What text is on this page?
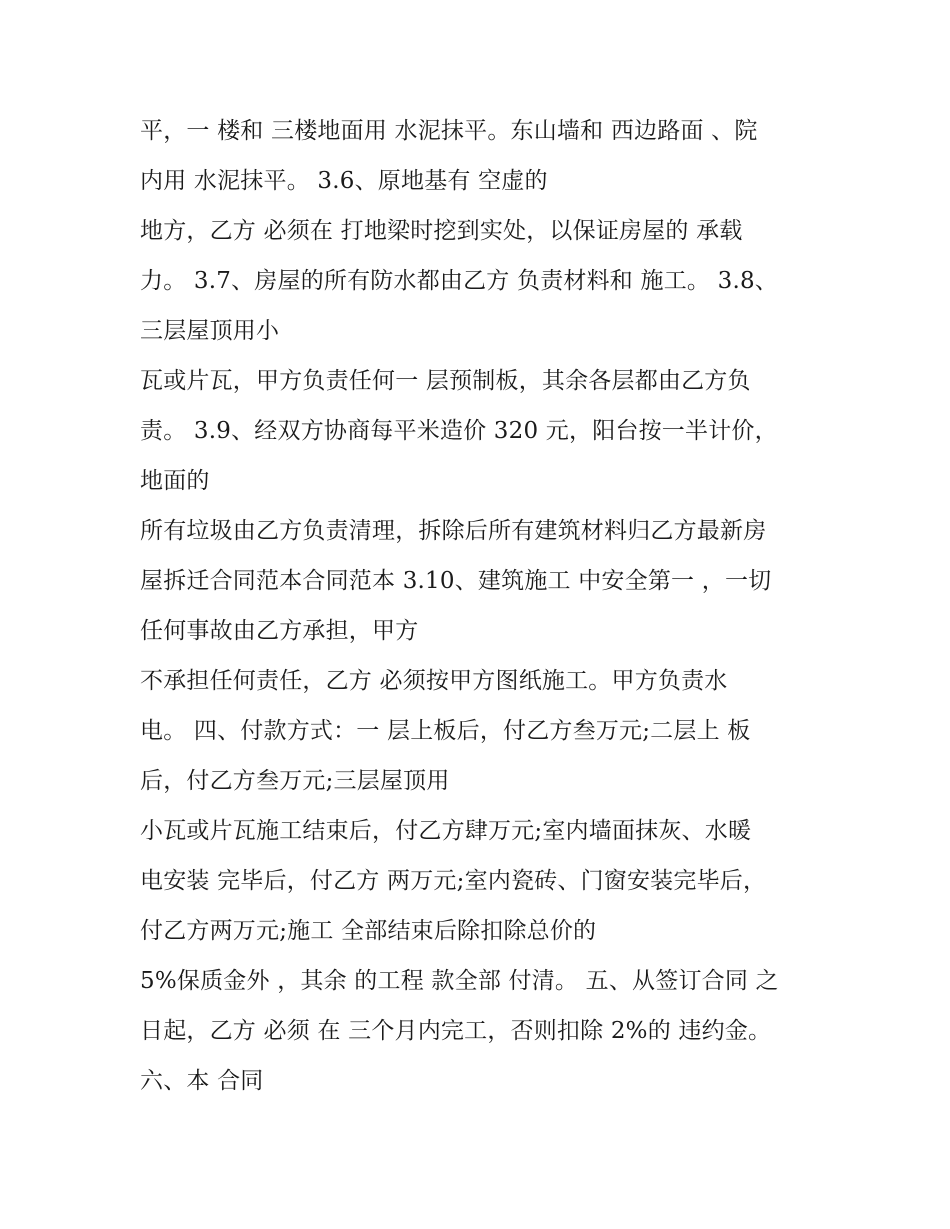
平，一 楼和 三楼地面用 水泥抹平。东山墙和 西边路面 、院
内用 水泥抹平。 3.6、原地基有 空虚的
地方，乙方 必须在 打地梁时挖到实处，以保证房屋的 承载
力。 3.7、房屋的所有防水都由乙方 负责材料和 施工。 3.8、
三层屋顶用小
瓦或片瓦，甲方负责任何一 层预制板，其余各层都由乙方负
责。 3.9、经双方协商每平米造价 320 元，阳台按一半计价，
地面的
所有垃圾由乙方负责清理，拆除后所有建筑材料归乙方最新房
屋拆迁合同范本合同范本 3.10、建筑施工 中安全第一 ，一切
任何事故由乙方承担，甲方
不承担任何责任，乙方 必须按甲方图纸施工。甲方负责水
电。 四、付款方式：一 层上板后，付乙方叁万元;二层上 板
后，付乙方叁万元;三层屋顶用
小瓦或片瓦施工结束后，付乙方肆万元;室内墙面抹灰、水暖
电安装 完毕后，付乙方 两万元;室内瓷砖、门窗安装完毕后，
付乙方两万元;施工 全部结束后除扣除总价的
5%保质金外 ，其余 的工程 款全部 付清。 五、从签订合同 之
日起，乙方 必须 在 三个月内完工，否则扣除 2%的 违约金。
六、本 合同
